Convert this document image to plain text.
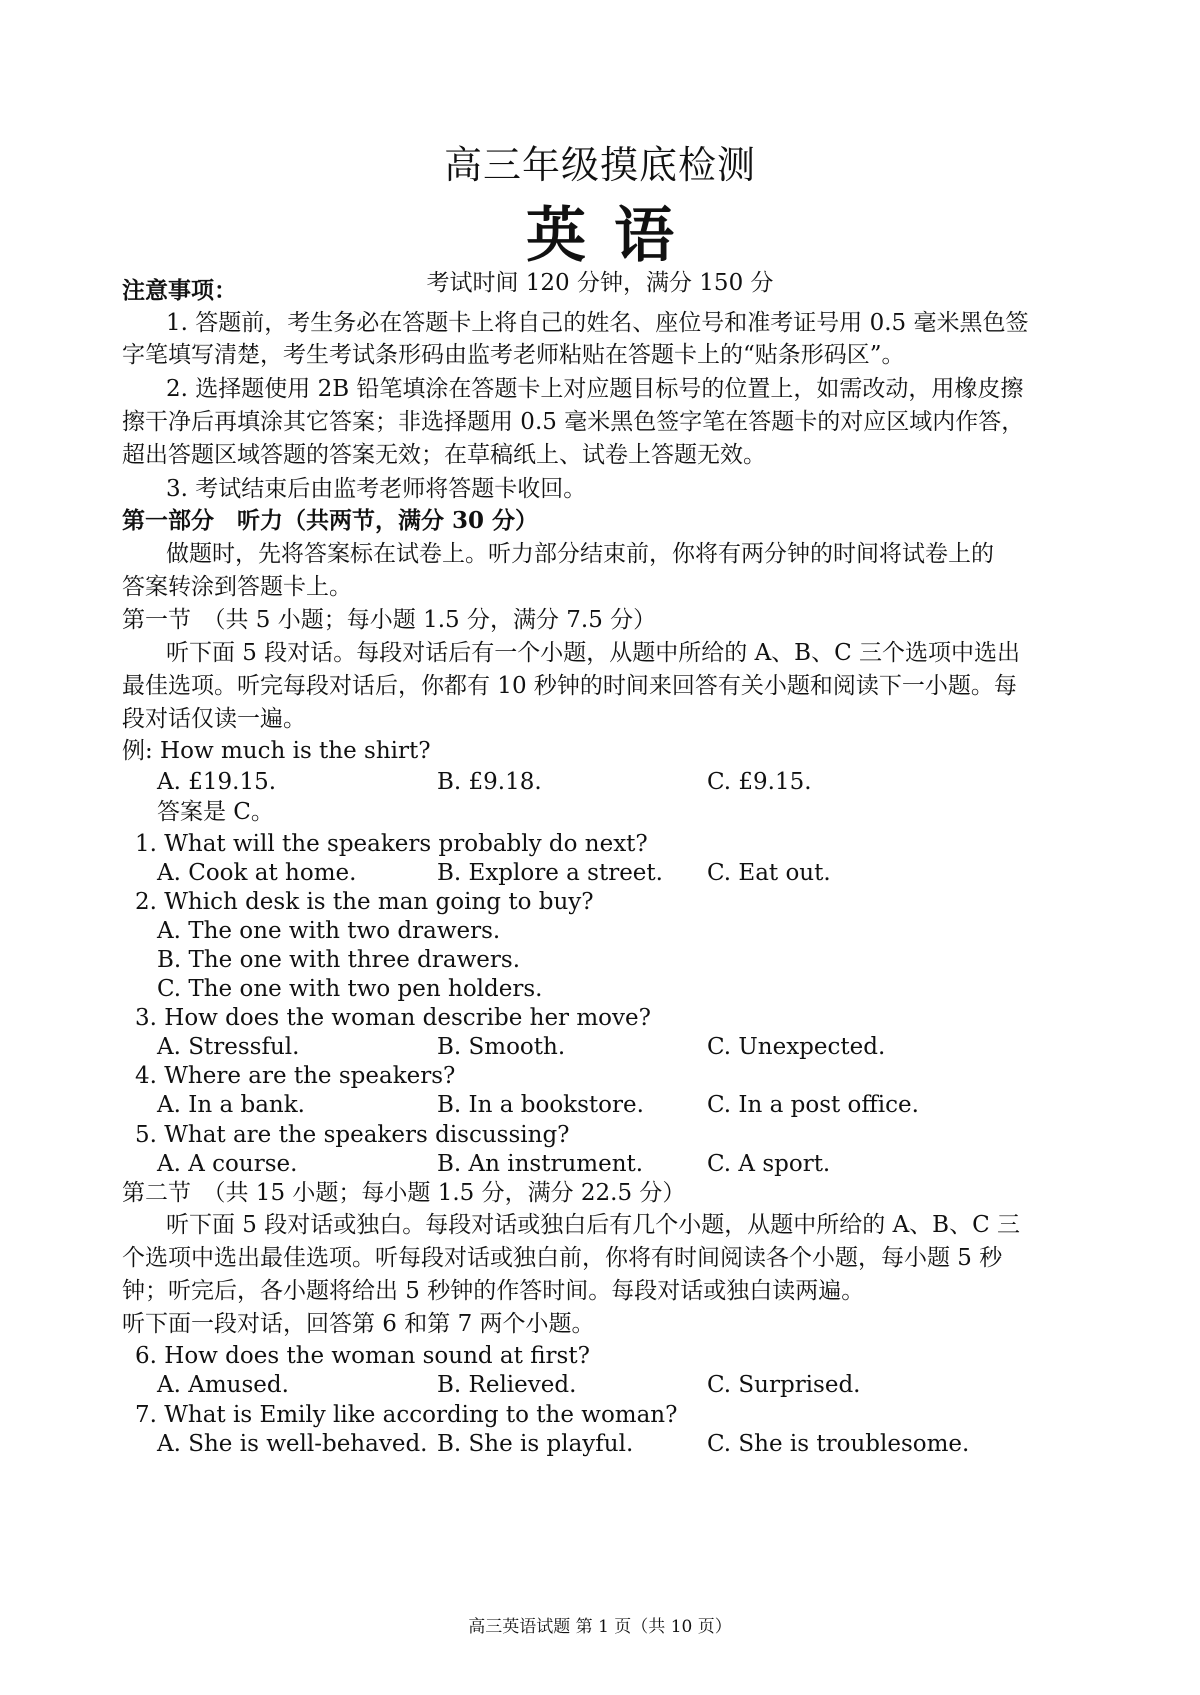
高三年级摸底检测
英语
考试时间 120 分钟，满分 150 分
注意事项：
1. 答题前，考生务必在答题卡上将自己的姓名、座位号和准考证号用 0.5 毫米黑色签
字笔填写清楚，考生考试条形码由监考老师粘贴在答题卡上的“贴条形码区”。
2. 选择题使用 2B 铅笔填涂在答题卡上对应题目标号的位置上，如需改动，用橡皮擦
擦干净后再填涂其它答案；非选择题用 0.5 毫米黑色签字笔在答题卡的对应区域内作答，
超出答题区域答题的答案无效；在草稿纸上、试卷上答题无效。
3. 考试结束后由监考老师将答题卡收回。
第一部分　听力（共两节，满分 30 分）
做题时，先将答案标在试卷上。听力部分结束前，你将有两分钟的时间将试卷上的
答案转涂到答题卡上。
第一节　（共 5 小题；每小题 1.5 分，满分 7.5 分）
听下面 5 段对话。每段对话后有一个小题，从题中所给的 A、B、C 三个选项中选出
最佳选项。听完每段对话后，你都有 10 秒钟的时间来回答有关小题和阅读下一小题。每
段对话仅读一遍。
例: How much is the shirt?
A. £19.15.	B. £9.18.	C. £9.15.
答案是 C。
1. What will the speakers probably do next?
A. Cook at home.	B. Explore a street. C. Eat out.
2. Which desk is the man going to buy?
A. The one with two drawers.
B. The one with three drawers.
C. The one with two pen holders.
3. How does the woman describe her move?
A. Stressful.	B. Smooth.	C. Unexpected.
4. Where are the speakers?
A. In a bank.	B. In a bookstore.	C. In a post office.
5. What are the speakers discussing?
A. A course.	B. An instrument.	C. A sport.
第二节　（共 15 小题；每小题 1.5 分，满分 22.5 分）
听下面 5 段对话或独白。每段对话或独白后有几个小题，从题中所给的 A、B、C 三
个选项中选出最佳选项。听每段对话或独白前，你将有时间阅读各个小题，每小题 5 秒
钟；听完后，各小题将给出 5 秒钟的作答时间。每段对话或独白读两遍。
听下面一段对话，回答第 6 和第 7 两个小题。
6. How does the woman sound at first?
A. Amused.	B. Relieved.	C. Surprised.
7. What is Emily like according to the woman?
A. She is well-behaved. B. She is playful.	C. She is troublesome.
高三英语试题 第 1 页（共 10 页）
